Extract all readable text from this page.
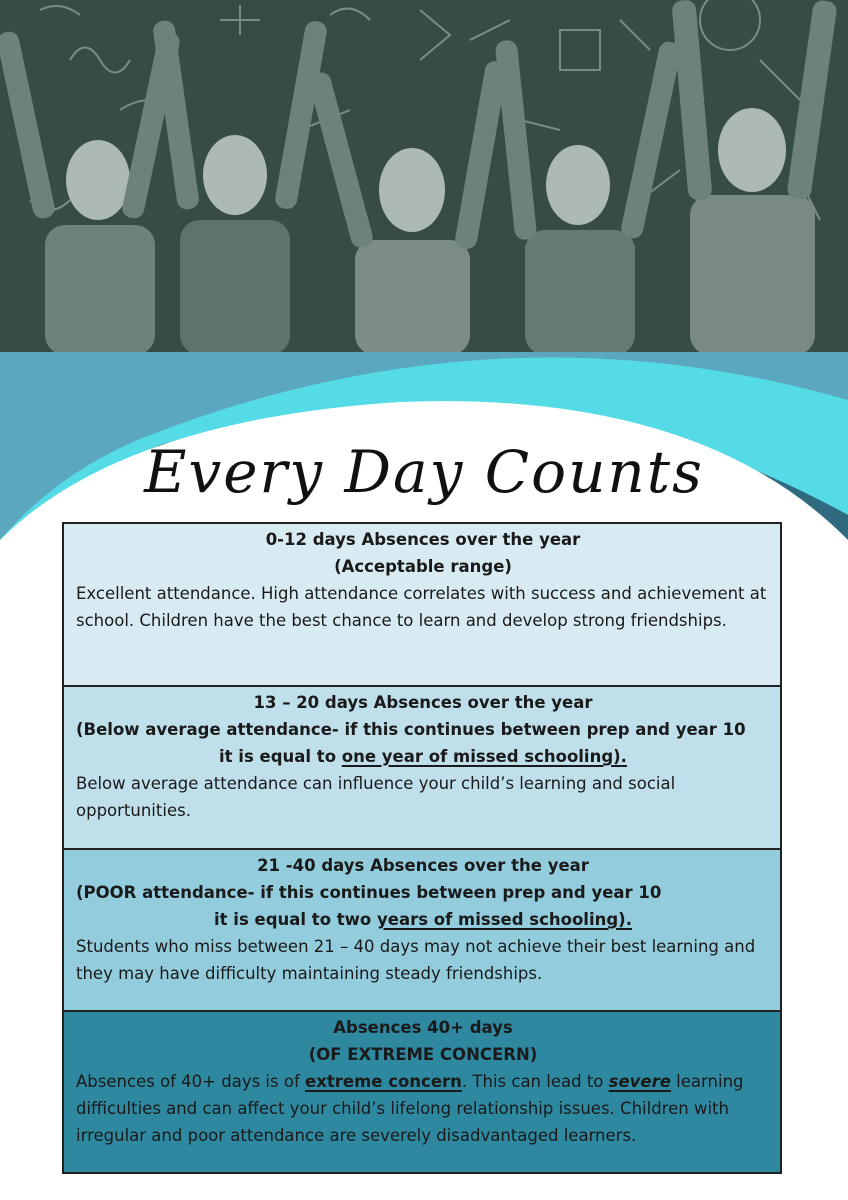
Every Day Counts
0-12 days Absences over the year
(Acceptable range)
Excellent attendance. High attendance correlates with success and achievement at school. Children have the best chance to learn and develop strong friendships.
13 – 20 days Absences over the year
(Below average attendance- if this continues between prep and year 10
it is equal to one year of missed schooling).
Below average attendance can influence your child’s learning and social opportunities.
21 -40 days Absences over the year
(POOR attendance- if this continues between prep and year 10
it is equal to two years of missed schooling).
Students who miss between 21 – 40 days may not achieve their best learning and they may have difficulty maintaining steady friendships.
Absences 40+ days
(OF EXTREME CONCERN)
Absences of 40+ days is of extreme concern. This can lead to severe learning difficulties and can affect your child’s lifelong relationship issues. Children with irregular and poor attendance are severely disadvantaged learners.
